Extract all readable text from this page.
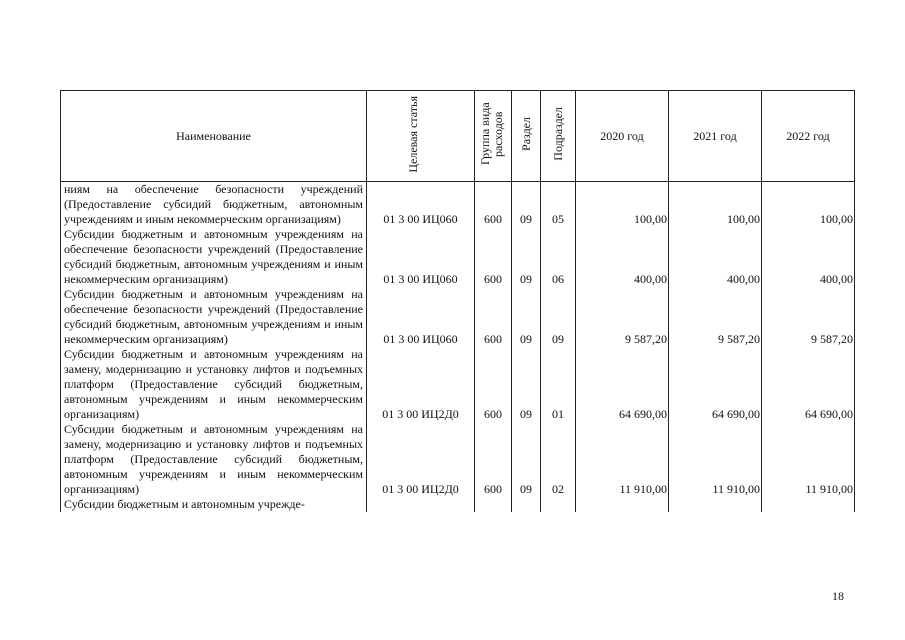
Наименование	Целевая статья	Группа вида расходов	Раздел	Подраздел	2020 год	2021 год	2022 год

ниям на обеспечение безопасности учреждений (Предоставление субсидий бюджетным, автономным учреждениям и иным некоммерческим организациям)	01 3 00 ИЦ060	600	09	05	100,00	100,00	100,00

Субсидии бюджетным и автономным учреждениям на обеспечение безопасности учреждений (Предоставление субсидий бюджетным, автономным учреждениям и иным некоммерческим организациям)	01 3 00 ИЦ060	600	09	06	400,00	400,00	400,00

Субсидии бюджетным и автономным учреждениям на обеспечение безопасности учреждений (Предоставление субсидий бюджетным, автономным учреждениям и иным некоммерческим организациям)	01 3 00 ИЦ060	600	09	09	9 587,20	9 587,20	9 587,20

Субсидии бюджетным и автономным учреждениям на замену, модернизацию и установку лифтов и подъемных платформ (Предоставление субсидий бюджетным, автономным учреждениям и иным некоммерческим организациям)	01 3 00 ИЦ2Д0	600	09	01	64 690,00	64 690,00	64 690,00

Субсидии бюджетным и автономным учреждениям на замену, модернизацию и установку лифтов и подъемных платформ (Предоставление субсидий бюджетным, автономным учреждениям и иным некоммерческим организациям)	01 3 00 ИЦ2Д0	600	09	02	11 910,00	11 910,00	11 910,00

Субсидии бюджетным и автономным учрежде-							

18
